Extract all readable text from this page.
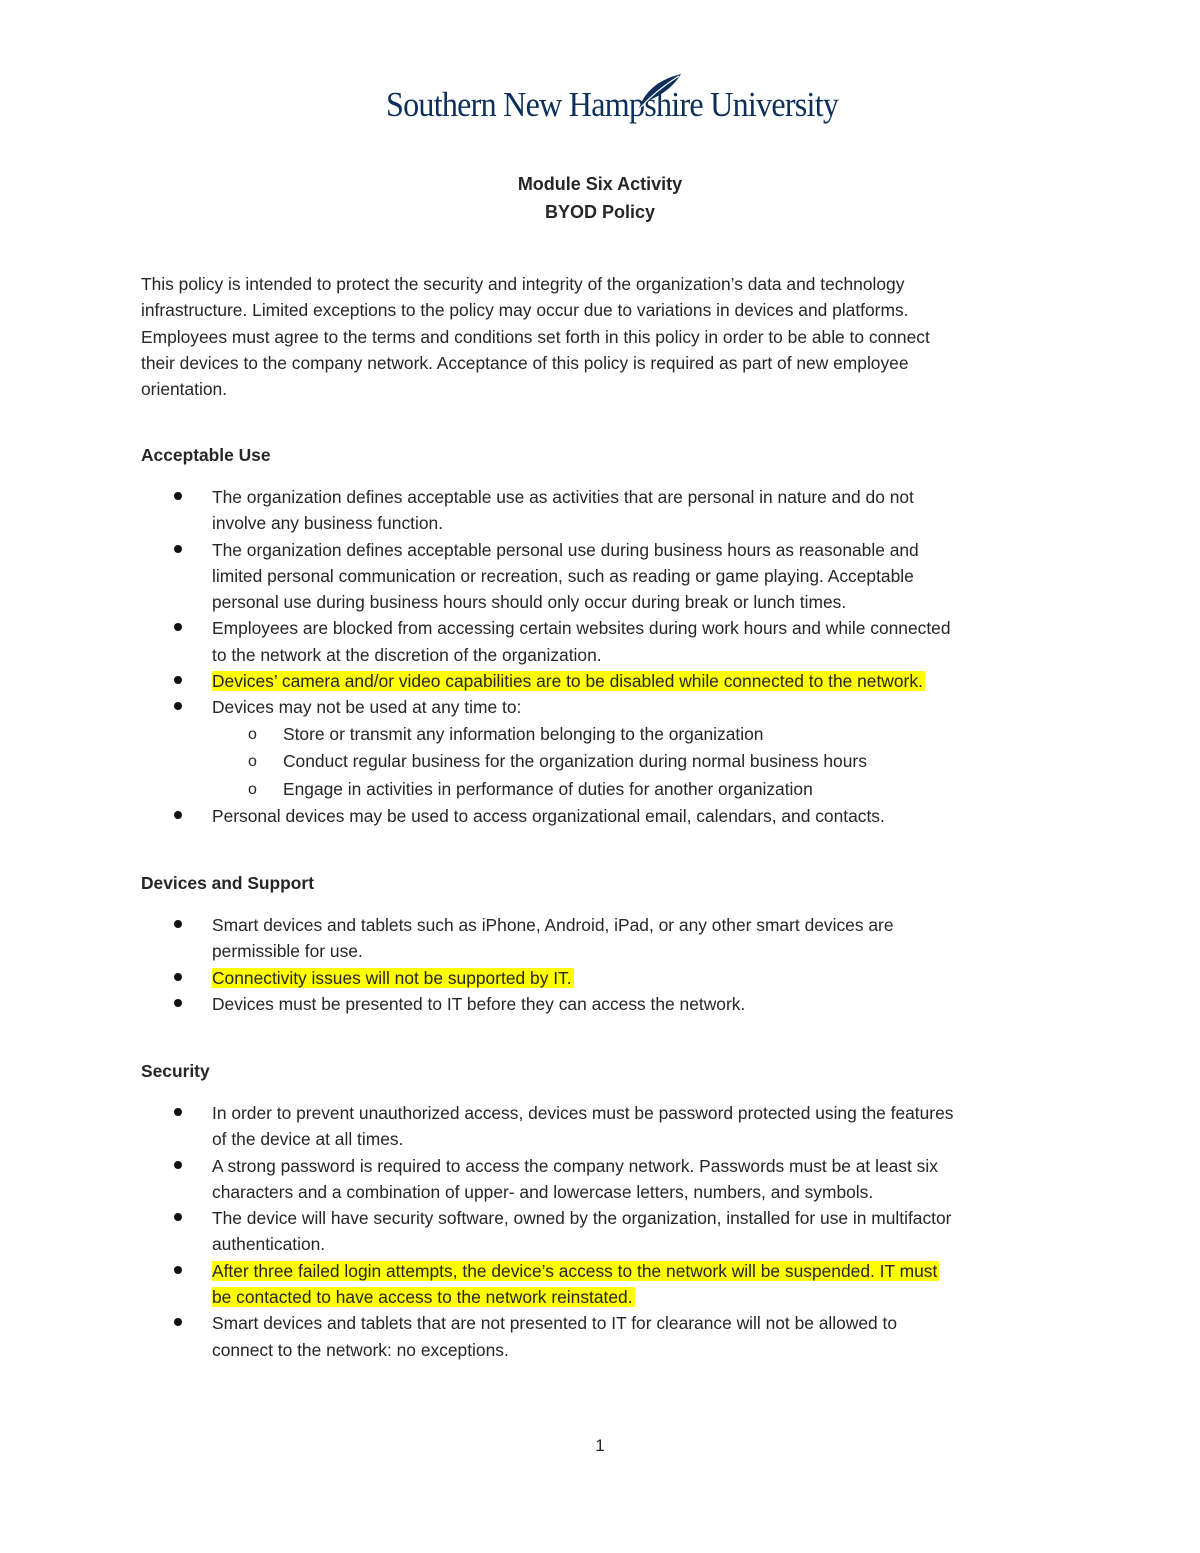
Southern New Hampshire University
Module Six Activity
BYOD Policy

This policy is intended to protect the security and integrity of the organization’s data and technology
infrastructure. Limited exceptions to the policy may occur due to variations in devices and platforms.
Employees must agree to the terms and conditions set forth in this policy in order to be able to connect
their devices to the company network. Acceptance of this policy is required as part of new employee
orientation.

Acceptable Use
The organization defines acceptable use as activities that are personal in nature and do not
involve any business function.
The organization defines acceptable personal use during business hours as reasonable and
limited personal communication or recreation, such as reading or game playing. Acceptable
personal use during business hours should only occur during break or lunch times.
Employees are blocked from accessing certain websites during work hours and while connected
to the network at the discretion of the organization.
Devices’ camera and/or video capabilities are to be disabled while connected to the network.
Devices may not be used at any time to:
o Store or transmit any information belonging to the organization
o Conduct regular business for the organization during normal business hours
o Engage in activities in performance of duties for another organization
Personal devices may be used to access organizational email, calendars, and contacts.
Devices and Support
Smart devices and tablets such as iPhone, Android, iPad, or any other smart devices are
permissible for use.
Connectivity issues will not be supported by IT.
Devices must be presented to IT before they can access the network.
Security
In order to prevent unauthorized access, devices must be password protected using the features
of the device at all times.
A strong password is required to access the company network. Passwords must be at least six
characters and a combination of upper- and lowercase letters, numbers, and symbols.
The device will have security software, owned by the organization, installed for use in multifactor
authentication.
After three failed login attempts, the device’s access to the network will be suspended. IT must
be contacted to have access to the network reinstated.
Smart devices and tablets that are not presented to IT for clearance will not be allowed to
connect to the network: no exceptions.
1
